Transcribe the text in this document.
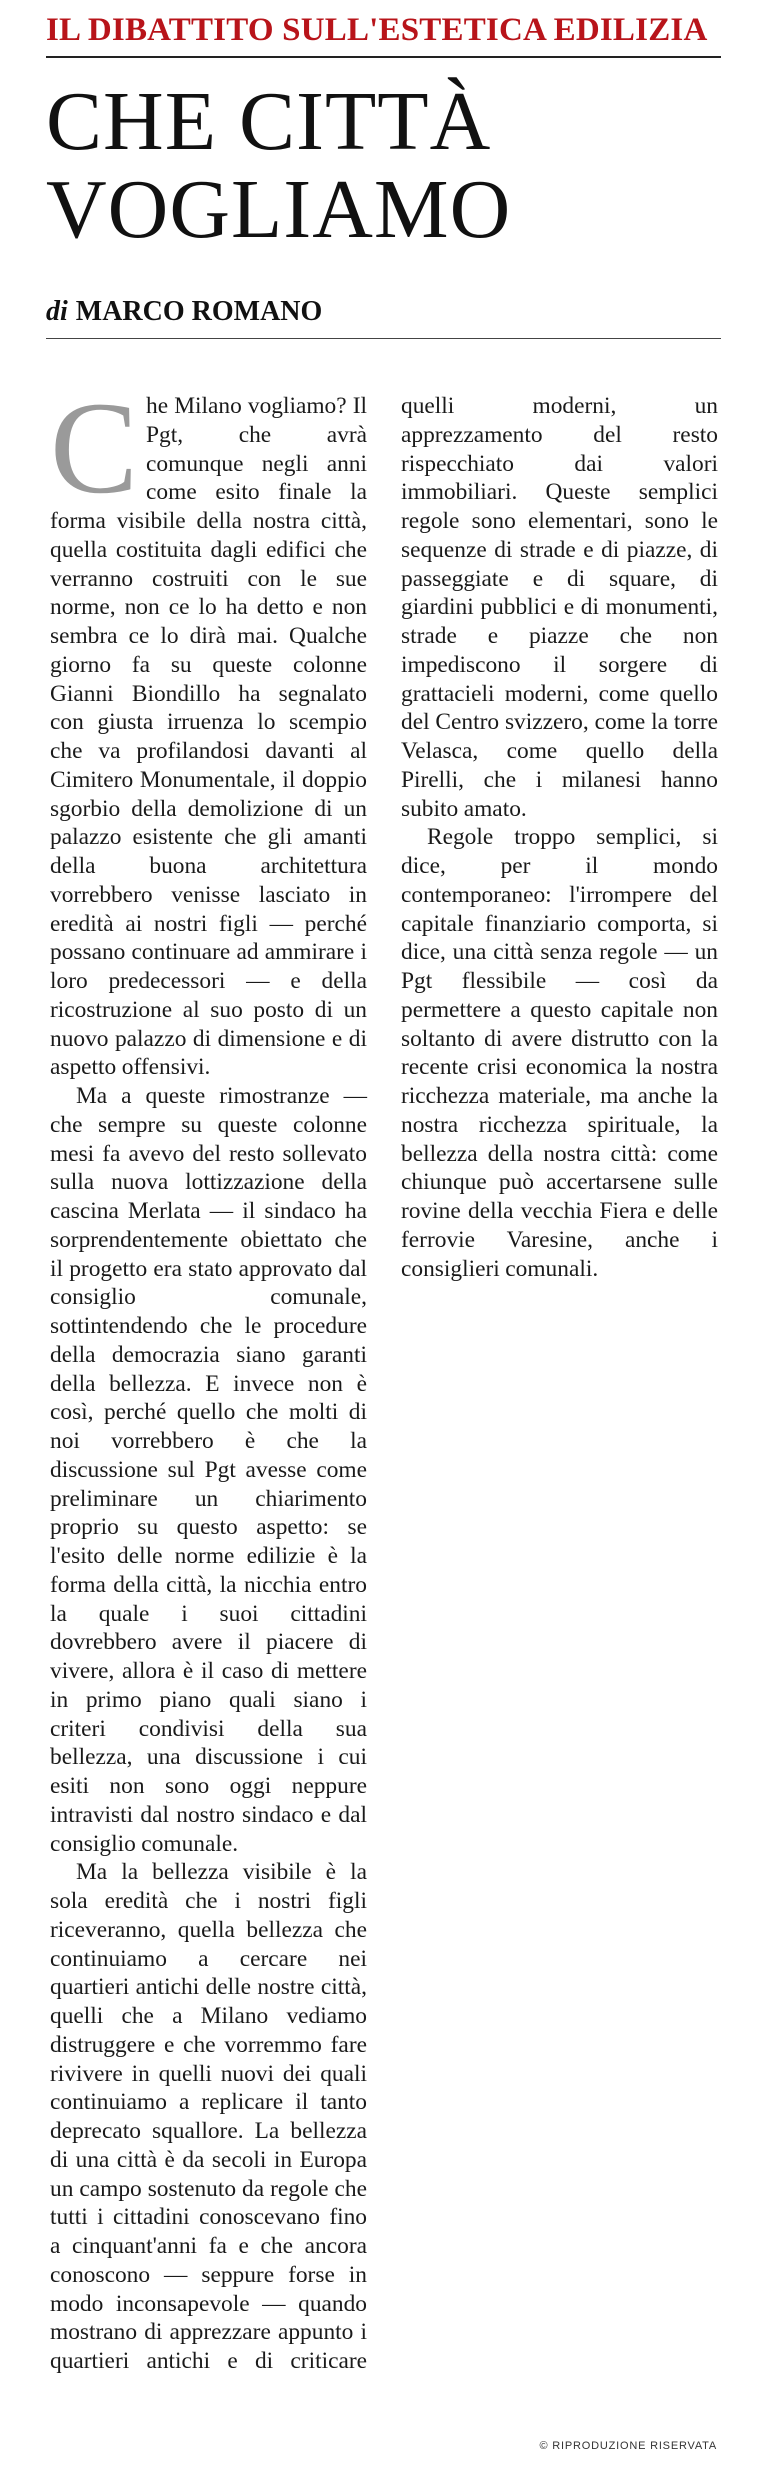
IL DIBATTITO SULL'ESTETICA EDILIZIA
CHE CITTÀ
VOGLIAMO
di MARCO ROMANO

Che Milano vogliamo? Il Pgt, che avrà comunque negli anni come esito finale la forma visibile della nostra città, quella costituita dagli edifici che verranno costruiti con le sue norme, non ce lo ha detto e non sembra ce lo dirà mai. Qualche giorno fa su queste colonne Gianni Biondillo ha segnalato con giusta irruenza lo scempio che va profilandosi davanti al Cimitero Monumentale, il doppio sgorbio della demolizione di un palazzo esistente che gli amanti della buona architettura vorrebbero venisse lasciato in eredità ai nostri figli — perché possano continuare ad ammirare i loro predecessori — e della ricostruzione al suo posto di un nuovo palazzo di dimensione e di aspetto offensivi.

Ma a queste rimostranze — che sempre su queste colonne mesi fa avevo del resto sollevato sulla nuova lottizzazione della cascina Merlata — il sindaco ha sorprendentemente obiettato che il progetto era stato approvato dal consiglio comunale, sottintendendo che le procedure della democrazia siano garanti della bellezza. E invece non è così, perché quello che molti di noi vorrebbero è che la discussione sul Pgt avesse come preliminare un chiarimento proprio su questo aspetto: se l'esito delle norme edilizie è la forma della città, la nicchia entro la quale i suoi cittadini dovrebbero avere il piacere di vivere, allora è il caso di mettere in primo piano quali siano i criteri condivisi della sua bellezza, una discussione i cui esiti non sono oggi neppure intravisti dal nostro sindaco e dal consiglio comunale.

Ma la bellezza visibile è la sola eredità che i nostri figli riceveranno, quella bellezza che continuiamo a cercare nei quartieri antichi delle nostre città, quelli che a Milano vediamo distruggere e che vorremmo fare rivivere in quelli nuovi dei quali continuiamo a replicare il tanto deprecato squallore. La bellezza di una città è da secoli in Europa un campo sostenuto da regole che tutti i cittadini conoscevano fino a cinquant'anni fa e che ancora conoscono — seppure forse in modo inconsapevole — quando mostrano di apprezzare appunto i quartieri antichi e di criticare quelli moderni, un apprezzamento del resto rispecchiato dai valori immobiliari. Queste semplici regole sono elementari, sono le sequenze di strade e di piazze, di passeggiate e di square, di giardini pubblici e di monumenti, strade e piazze che non impediscono il sorgere di grattacieli moderni, come quello del Centro svizzero, come la torre Velasca, come quello della Pirelli, che i milanesi hanno subito amato.

Regole troppo semplici, si dice, per il mondo contemporaneo: l'irrompere del capitale finanziario comporta, si dice, una città senza regole — un Pgt flessibile — così da permettere a questo capitale non soltanto di avere distrutto con la recente crisi economica la nostra ricchezza materiale, ma anche la nostra ricchezza spirituale, la bellezza della nostra città: come chiunque può accertarsene sulle rovine della vecchia Fiera e delle ferrovie Varesine, anche i consiglieri comunali.

© RIPRODUZIONE RISERVATA
